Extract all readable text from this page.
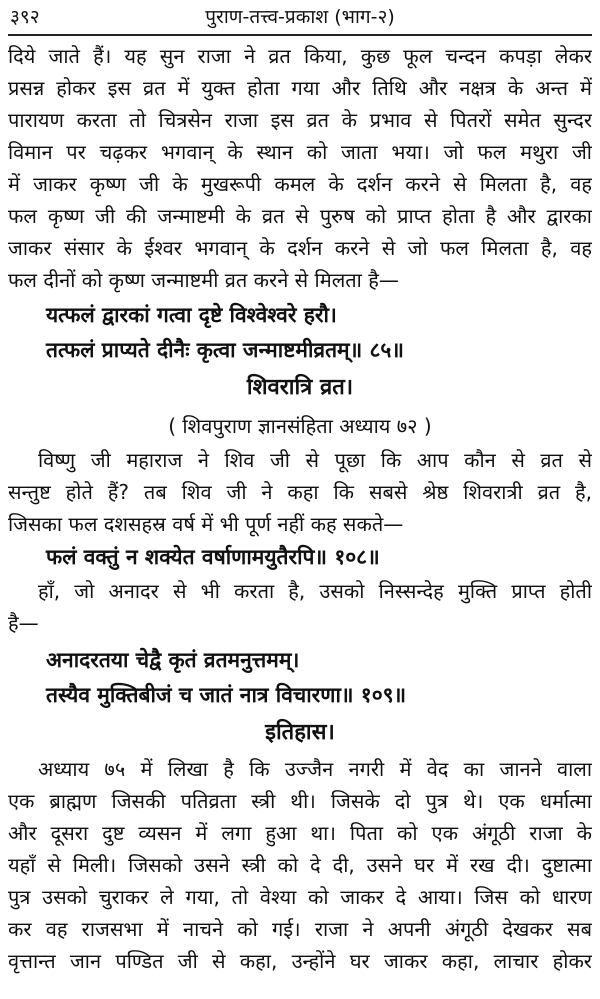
३९२	पुराण-तत्त्व-प्रकाश (भाग-२)
दिये जाते हैं। यह सुन राजा ने व्रत किया, कुछ फूल चन्दन कपड़ा लेकर
प्रसन्न होकर इस व्रत में युक्त होता गया और तिथि और नक्षत्र के अन्त में
पारायण करता तो चित्रसेन राजा इस व्रत के प्रभाव से पितरों समेत सुन्दर
विमान पर चढ़कर भगवान् के स्थान को जाता भया। जो फल मथुरा जी
में जाकर कृष्ण जी के मुखरूपी कमल के दर्शन करने से मिलता है, वह
फल कृष्ण जी की जन्माष्टमी के व्रत से पुरुष को प्राप्त होता है और द्वारका
जाकर संसार के ईश्वर भगवान् के दर्शन करने से जो फल मिलता है, वह
फल दीनों को कृष्ण जन्माष्टमी व्रत करने से मिलता है—
यत्फलं द्वारकां गत्वा दृष्टे विश्वेश्वरे हरौ।
तत्फलं प्राप्यते दीनैः कृत्वा जन्माष्टमीव्रतम्॥ ८५॥
शिवरात्रि व्रत।
( शिवपुराण ज्ञानसंहिता अध्याय ७२ )
विष्णु जी महाराज ने शिव जी से पूछा कि आप कौन से व्रत से
सन्तुष्ट होते हैं? तब शिव जी ने कहा कि सबसे श्रेष्ठ शिवरात्री व्रत है,
जिसका फल दशसहस्र वर्ष में भी पूर्ण नहीं कह सकते—
फलं वक्तुं न शक्येत वर्षाणामयुतैरपि॥ १०८॥
हाँ, जो अनादर से भी करता है, उसको निस्सन्देह मुक्ति प्राप्त होती
है—
अनादरतया चेद्वै कृतं व्रतमनुत्तमम्।
तस्यैव मुक्तिबीजं च जातं नात्र विचारणा॥ १०९॥
इतिहास।
अध्याय ७५ में लिखा है कि उज्जैन नगरी में वेद का जानने वाला
एक ब्राह्मण जिसकी पतिव्रता स्त्री थी। जिसके दो पुत्र थे। एक धर्मात्मा
और दूसरा दुष्ट व्यसन में लगा हुआ था। पिता को एक अंगूठी राजा के
यहाँ से मिली। जिसको उसने स्त्री को दे दी, उसने घर में रख दी। दुष्टात्मा
पुत्र उसको चुराकर ले गया, तो वेश्या को जाकर दे आया। जिस को धारण
कर वह राजसभा में नाचने को गई। राजा ने अपनी अंगूठी देखकर सब
वृत्तान्त जान पण्डित जी से कहा, उन्होंने घर जाकर कहा, लाचार होकर
